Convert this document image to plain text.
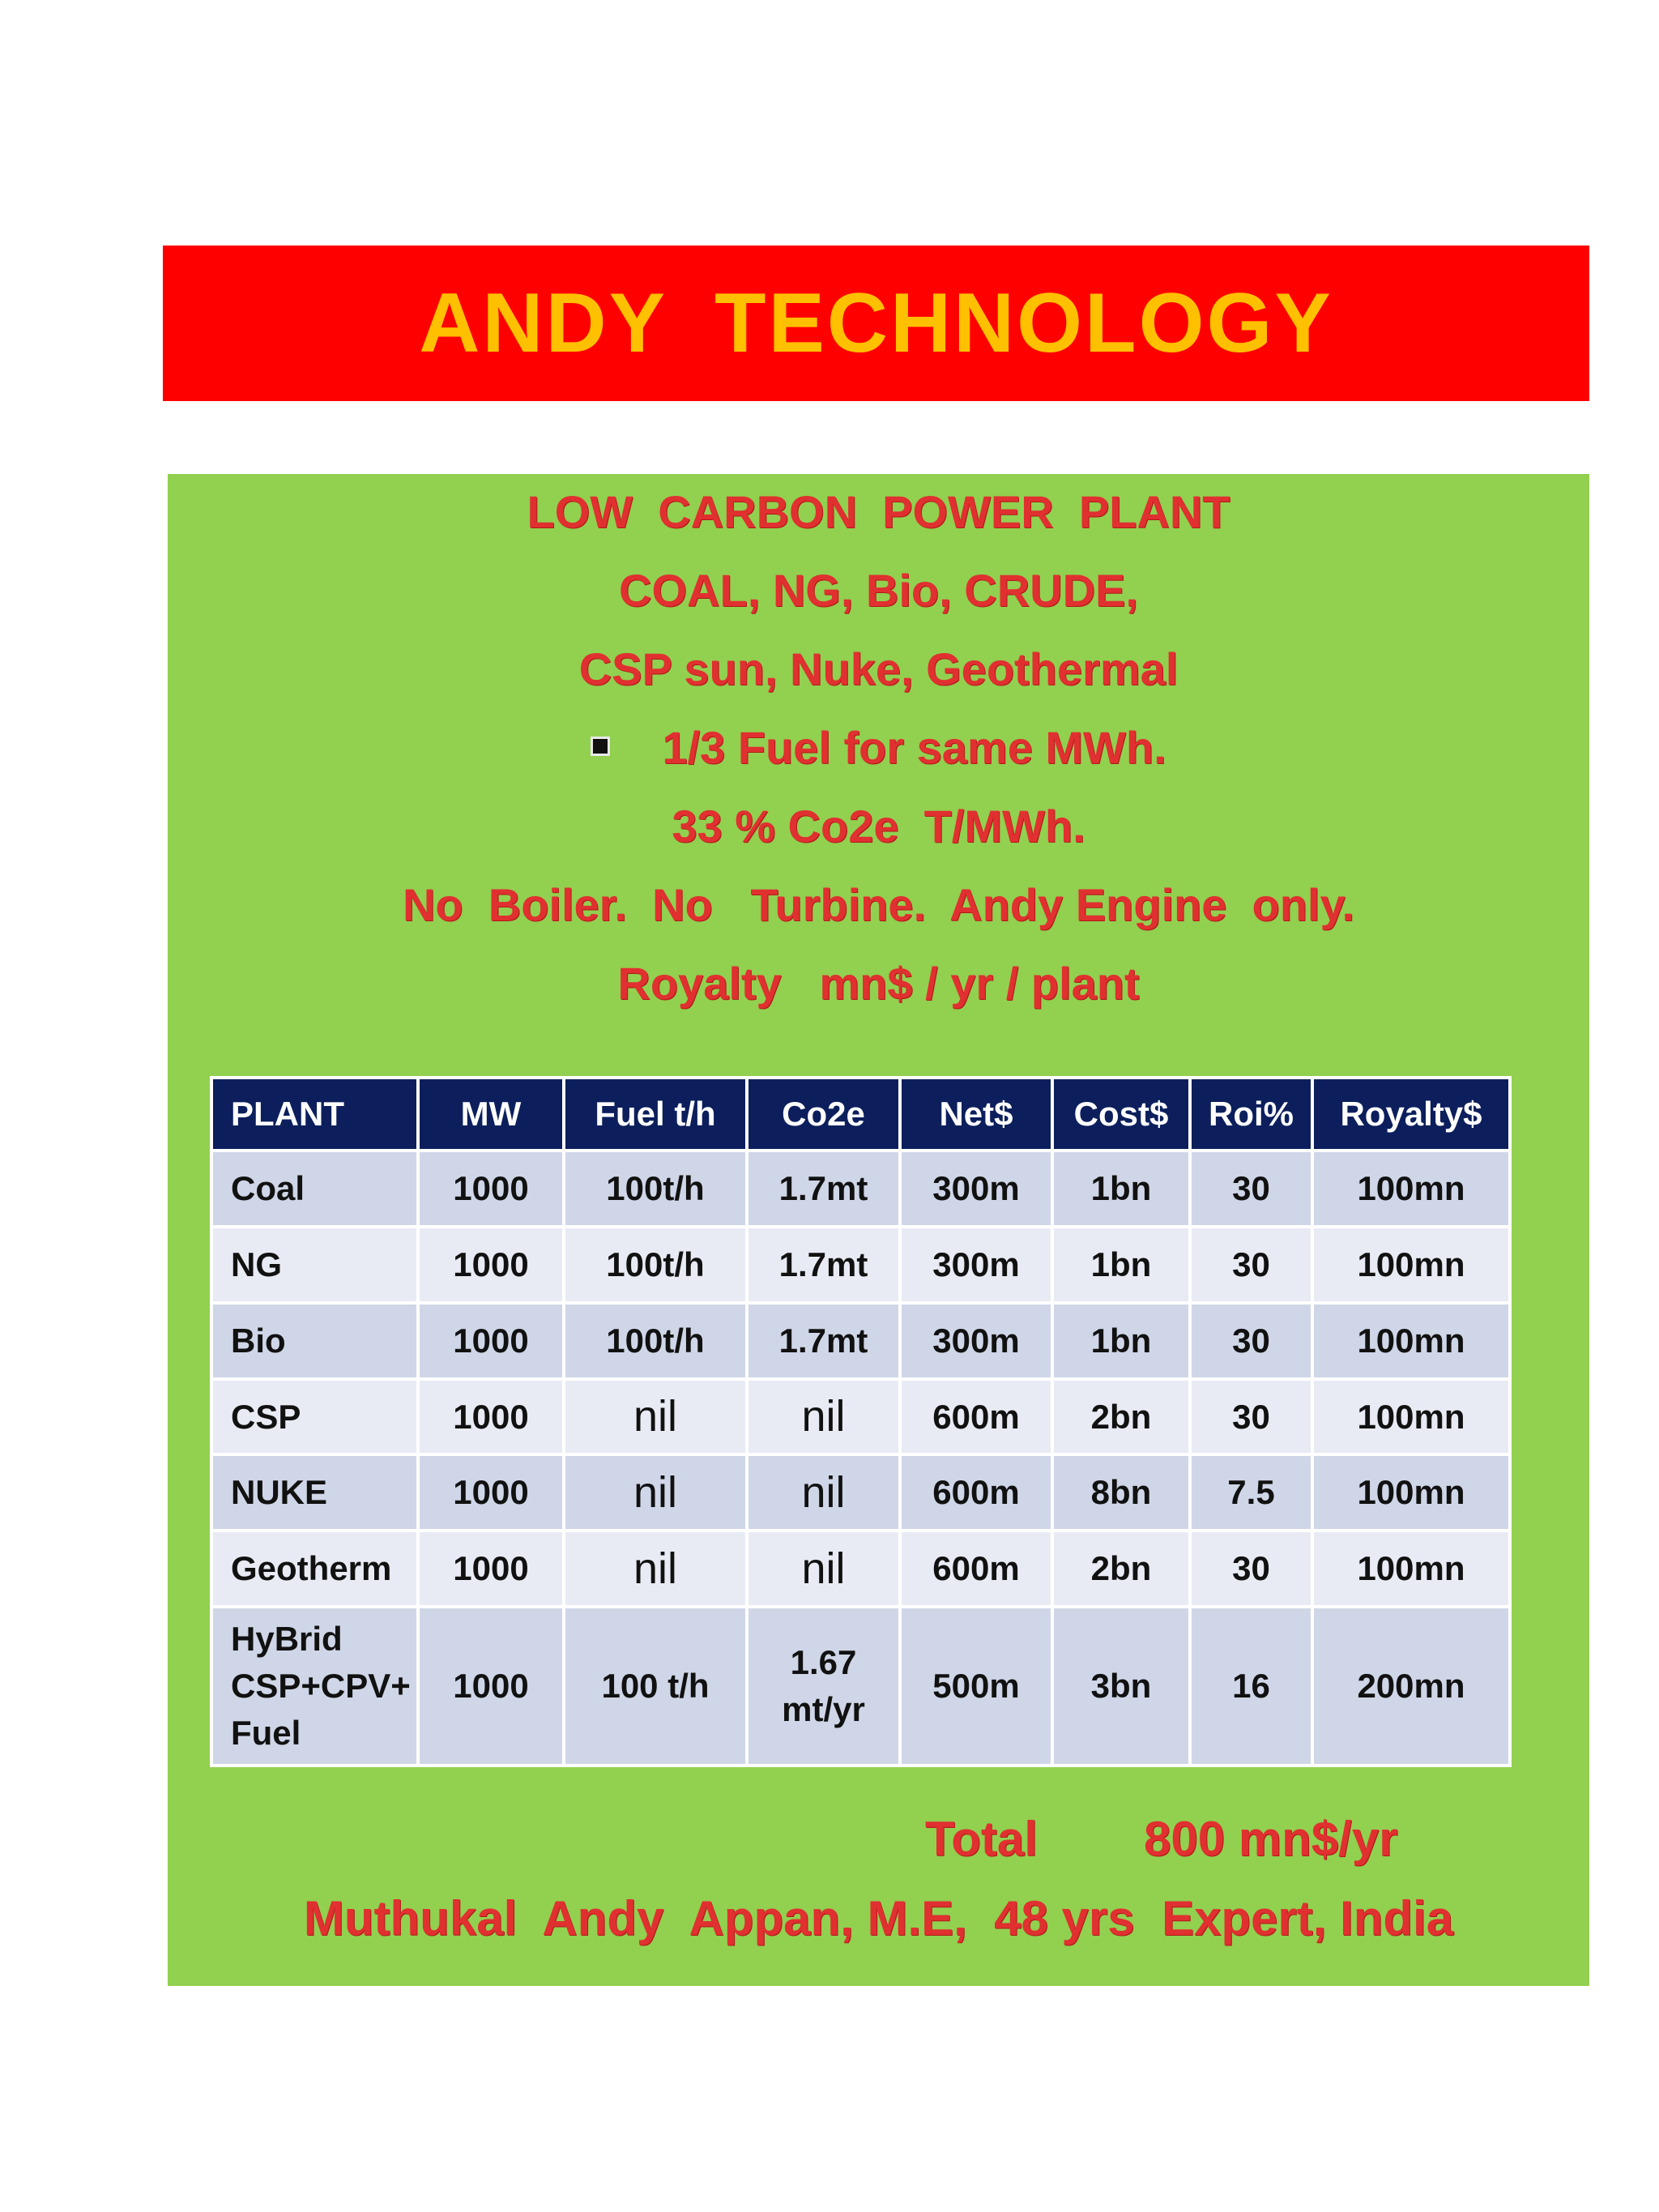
ANDY TECHNOLOGY
LOW  CARBON  POWER  PLANT
COAL, NG, Bio, CRUDE,
CSP sun, Nuke, Geothermal
1/3 Fuel for same MWh.
33 % Co2e  T/MWh.
No  Boiler.  No   Turbine.  Andy Engine  only.
Royalty   mn$ / yr / plant
PLANT	MW	Fuel t/h	Co2e	Net$	Cost$	Roi%	Royalty$
Coal	1000	100t/h	1.7mt	300m	1bn	30	100mn
NG	1000	100t/h	1.7mt	300m	1bn	30	100mn
Bio	1000	100t/h	1.7mt	300m	1bn	30	100mn
CSP	1000	nil	nil	600m	2bn	30	100mn
NUKE	1000	nil	nil	600m	8bn	7.5	100mn
Geotherm	1000	nil	nil	600m	2bn	30	100mn
HyBrid CSP+CPV+ Fuel	1000	100 t/h	1.67 mt/yr	500m	3bn	16	200mn
Total 800 mn$/yr
Muthukal  Andy  Appan, M.E,  48 yrs  Expert, India
